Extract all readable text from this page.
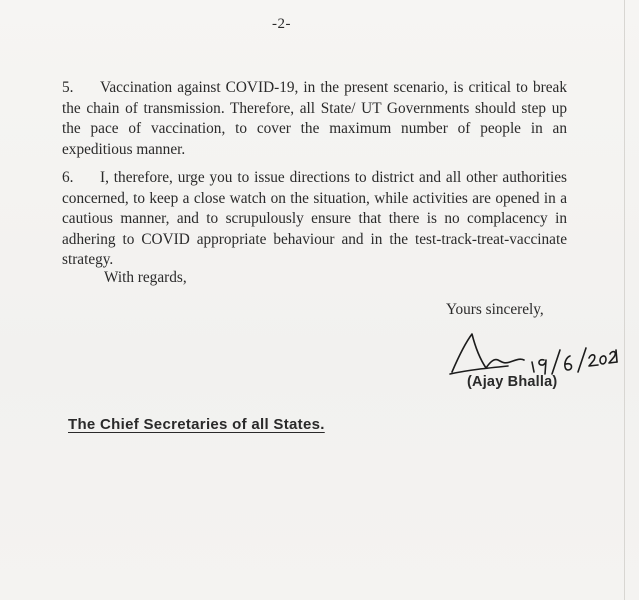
-2-

5. Vaccination against COVID-19, in the present scenario, is critical to break the chain of transmission. Therefore, all State/ UT Governments should step up the pace of vaccination, to cover the maximum number of people in an expeditious manner.

6. I, therefore, urge you to issue directions to district and all other authorities concerned, to keep a close watch on the situation, while activities are opened in a cautious manner, and to scrupulously ensure that there is no complacency in adhering to COVID appropriate behaviour and in the test-track-treat-vaccinate strategy.

With regards,
Yours sincerely,
(Ajay Bhalla)
The Chief Secretaries of all States.
